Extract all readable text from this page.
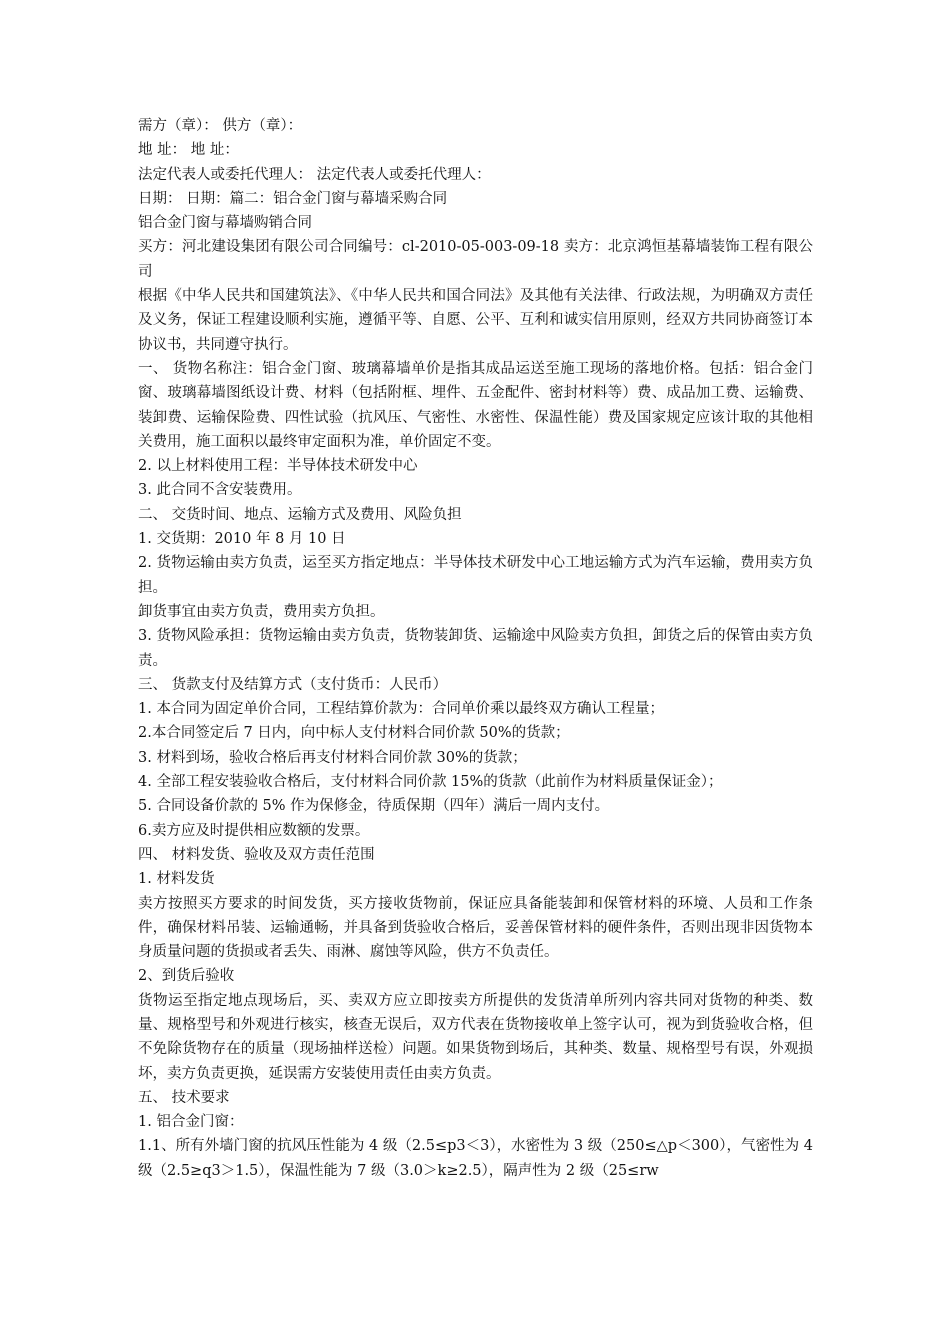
需方（章）： 供方（章）：

地 址： 地 址：

法定代表人或委托代理人： 法定代表人或委托代理人：

日期： 日期：篇二：铝合金门窗与幕墙采购合同

铝合金门窗与幕墙购销合同

买方：河北建设集团有限公司合同编号：cl-2010-05-003-09-18 卖方：北京鸿恒基幕墙装饰工程有限公司

根据《中华人民共和国建筑法》、《中华人民共和国合同法》及其他有关法律、行政法规，为明确双方责任及义务，保证工程建设顺利实施，遵循平等、自愿、公平、互利和诚实信用原则，经双方共同协商签订本协议书，共同遵守执行。

一、 货物名称注：铝合金门窗、玻璃幕墙单价是指其成品运送至施工现场的落地价格。包括：铝合金门窗、玻璃幕墙图纸设计费、材料（包括附框、埋件、五金配件、密封材料等）费、成品加工费、运输费、装卸费、运输保险费、四性试验（抗风压、气密性、水密性、保温性能）费及国家规定应该计取的其他相关费用，施工面积以最终审定面积为准，单价固定不变。

2. 以上材料使用工程：半导体技术研发中心

3. 此合同不含安装费用。

二、 交货时间、地点、运输方式及费用、风险负担

1. 交货期：2010 年 8 月 10 日

2. 货物运输由卖方负责，运至买方指定地点：半导体技术研发中心工地运输方式为汽车运输，费用卖方负担。

卸货事宜由卖方负责，费用卖方负担。

3. 货物风险承担：货物运输由卖方负责，货物装卸货、运输途中风险卖方负担，卸货之后的保管由卖方负责。

三、 货款支付及结算方式（支付货币：人民币）

1. 本合同为固定单价合同，工程结算价款为：合同单价乘以最终双方确认工程量；

2.本合同签定后 7 日内，向中标人支付材料合同价款 50%的货款；

3. 材料到场，验收合格后再支付材料合同价款 30%的货款；

4. 全部工程安装验收合格后，支付材料合同价款 15%的货款（此前作为材料质量保证金）；

5. 合同设备价款的 5% 作为保修金，待质保期（四年）满后一周内支付。

6.卖方应及时提供相应数额的发票。

四、 材料发货、验收及双方责任范围

1. 材料发货

卖方按照买方要求的时间发货，买方接收货物前，保证应具备能装卸和保管材料的环境、人员和工作条件，确保材料吊装、运输通畅，并具备到货验收合格后，妥善保管材料的硬件条件，否则出现非因货物本身质量问题的货损或者丢失、雨淋、腐蚀等风险，供方不负责任。

2、到货后验收

货物运至指定地点现场后，买、卖双方应立即按卖方所提供的发货清单所列内容共同对货物的种类、数量、规格型号和外观进行核实，核查无误后，双方代表在货物接收单上签字认可，视为到货验收合格，但不免除货物存在的质量（现场抽样送检）问题。如果货物到场后，其种类、数量、规格型号有误，外观损坏，卖方负责更换，延误需方安装使用责任由卖方负责。

五、 技术要求

1. 铝合金门窗：

1.1、所有外墙门窗的抗风压性能为 4 级（2.5≤p3＜3），水密性为 3 级（250≤△p＜300），气密性为 4 级（2.5≥q3＞1.5），保温性能为 7 级（3.0＞k≥2.5），隔声性为 2 级（25≤rw
